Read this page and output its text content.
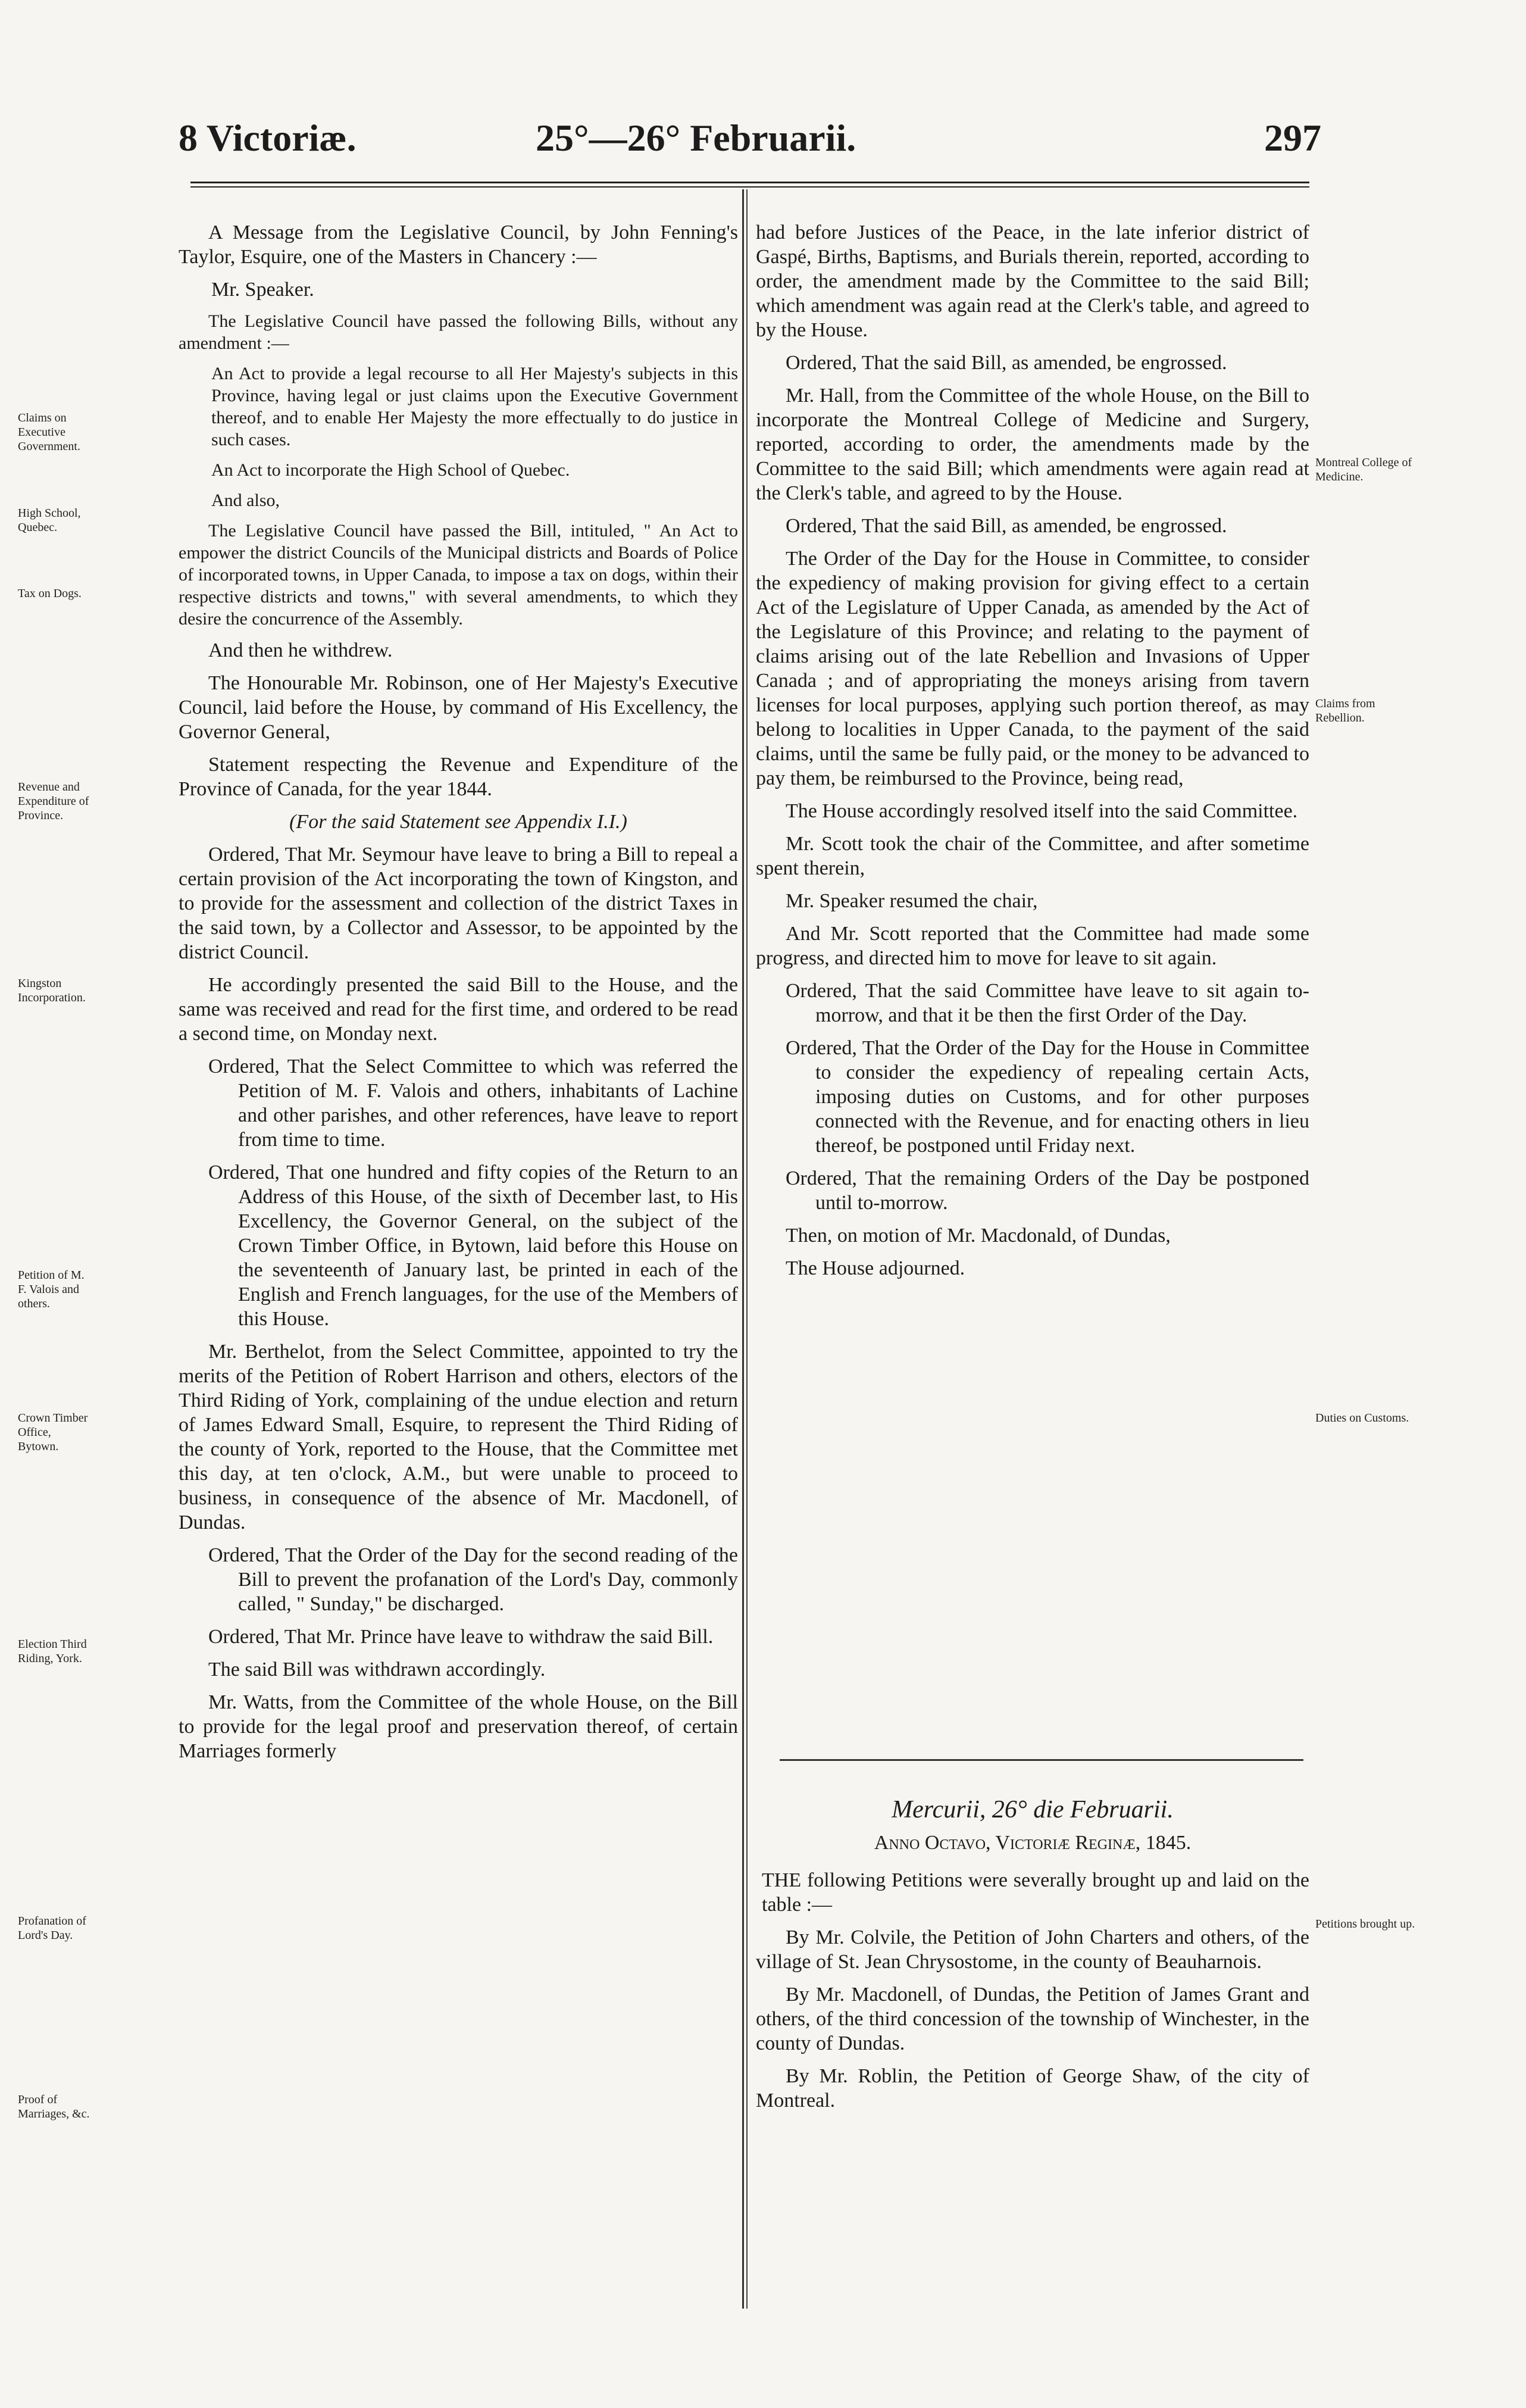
8 Victoriæ.	25°—26° Februarii.	297
Claims on Executive Government.
High School, Quebec.
Tax on Dogs.
Revenue and Expenditure of Province.
Kingston Incorporation.
Petition of M. F. Valois and others.
Crown Timber Office, Bytown.
Election Third Riding, York.
Profanation of Lord's Day.
Proof of Marriages, &c.
Montreal College of Medicine.
Claims from Rebellion.
Duties on Customs.
Petitions brought up.

A Message from the Legislative Council, by John Fenning's Taylor, Esquire, one of the Masters in Chancery :—

Mr. Speaker.

The Legislative Council have passed the following Bills, without any amendment :—

An Act to provide a legal recourse to all Her Majesty's subjects in this Province, having legal or just claims upon the Executive Government thereof, and to enable Her Majesty the more effectually to do justice in such cases.

An Act to incorporate the High School of Quebec.

And also,

The Legislative Council have passed the Bill, intituled, " An Act to empower the district Councils of the Municipal districts and Boards of Police of incorporated towns, in Upper Canada, to impose a tax on dogs, within their respective districts and towns," with several amendments, to which they desire the concurrence of the Assembly.

And then he withdrew.

The Honourable Mr. Robinson, one of Her Majesty's Executive Council, laid before the House, by command of His Excellency, the Governor General,

Statement respecting the Revenue and Expenditure of the Province of Canada, for the year 1844.

(For the said Statement see Appendix I.I.)

Ordered, That Mr. Seymour have leave to bring a Bill to repeal a certain provision of the Act incorporating the town of Kingston, and to provide for the assessment and collection of the district Taxes in the said town, by a Collector and Assessor, to be appointed by the district Council.

He accordingly presented the said Bill to the House, and the same was received and read for the first time, and ordered to be read a second time, on Monday next.

Ordered, That the Select Committee to which was referred the Petition of M. F. Valois and others, inhabitants of Lachine and other parishes, and other references, have leave to report from time to time.

Ordered, That one hundred and fifty copies of the Return to an Address of this House, of the sixth of December last, to His Excellency, the Governor General, on the subject of the Crown Timber Office, in Bytown, laid before this House on the seventeenth of January last, be printed in each of the English and French languages, for the use of the Members of this House.

Mr. Berthelot, from the Select Committee, appointed to try the merits of the Petition of Robert Harrison and others, electors of the Third Riding of York, complaining of the undue election and return of James Edward Small, Esquire, to represent the Third Riding of the county of York, reported to the House, that the Committee met this day, at ten o'clock, A.M., but were unable to proceed to business, in consequence of the absence of Mr. Macdonell, of Dundas.

Ordered, That the Order of the Day for the second reading of the Bill to prevent the profanation of the Lord's Day, commonly called, " Sunday," be discharged.

Ordered, That Mr. Prince have leave to withdraw the said Bill.

The said Bill was withdrawn accordingly.

Mr. Watts, from the Committee of the whole House, on the Bill to provide for the legal proof and preservation thereof, of certain Marriages formerly

had before Justices of the Peace, in the late inferior district of Gaspé, Births, Baptisms, and Burials therein, reported, according to order, the amendment made by the Committee to the said Bill; which amendment was again read at the Clerk's table, and agreed to by the House.

Ordered, That the said Bill, as amended, be engrossed.

Mr. Hall, from the Committee of the whole House, on the Bill to incorporate the Montreal College of Medicine and Surgery, reported, according to order, the amendments made by the Committee to the said Bill; which amendments were again read at the Clerk's table, and agreed to by the House.

Ordered, That the said Bill, as amended, be engrossed.

The Order of the Day for the House in Committee, to consider the expediency of making provision for giving effect to a certain Act of the Legislature of Upper Canada, as amended by the Act of the Legislature of this Province; and relating to the payment of claims arising out of the late Rebellion and Invasions of Upper Canada ; and of appropriating the moneys arising from tavern licenses for local purposes, applying such portion thereof, as may belong to localities in Upper Canada, to the payment of the said claims, until the same be fully paid, or the money to be advanced to pay them, be reimbursed to the Province, being read,

The House accordingly resolved itself into the said Committee.

Mr. Scott took the chair of the Committee, and after sometime spent therein,

Mr. Speaker resumed the chair,

And Mr. Scott reported that the Committee had made some progress, and directed him to move for leave to sit again.

Ordered, That the said Committee have leave to sit again to-morrow, and that it be then the first Order of the Day.

Ordered, That the Order of the Day for the House in Committee to consider the expediency of repealing certain Acts, imposing duties on Customs, and for other purposes connected with the Revenue, and for enacting others in lieu thereof, be postponed until Friday next.

Ordered, That the remaining Orders of the Day be postponed until to-morrow.

Then, on motion of Mr. Macdonald, of Dundas,

The House adjourned.

Mercurii, 26° die Februarii.

Anno Octavo, Victoriæ Reginæ, 1845.

THE following Petitions were severally brought up and laid on the table :—

By Mr. Colvile, the Petition of John Charters and others, of the village of St. Jean Chrysostome, in the county of Beauharnois.

By Mr. Macdonell, of Dundas, the Petition of James Grant and others, of the third concession of the township of Winchester, in the county of Dundas.

By Mr. Roblin, the Petition of George Shaw, of the city of Montreal.
